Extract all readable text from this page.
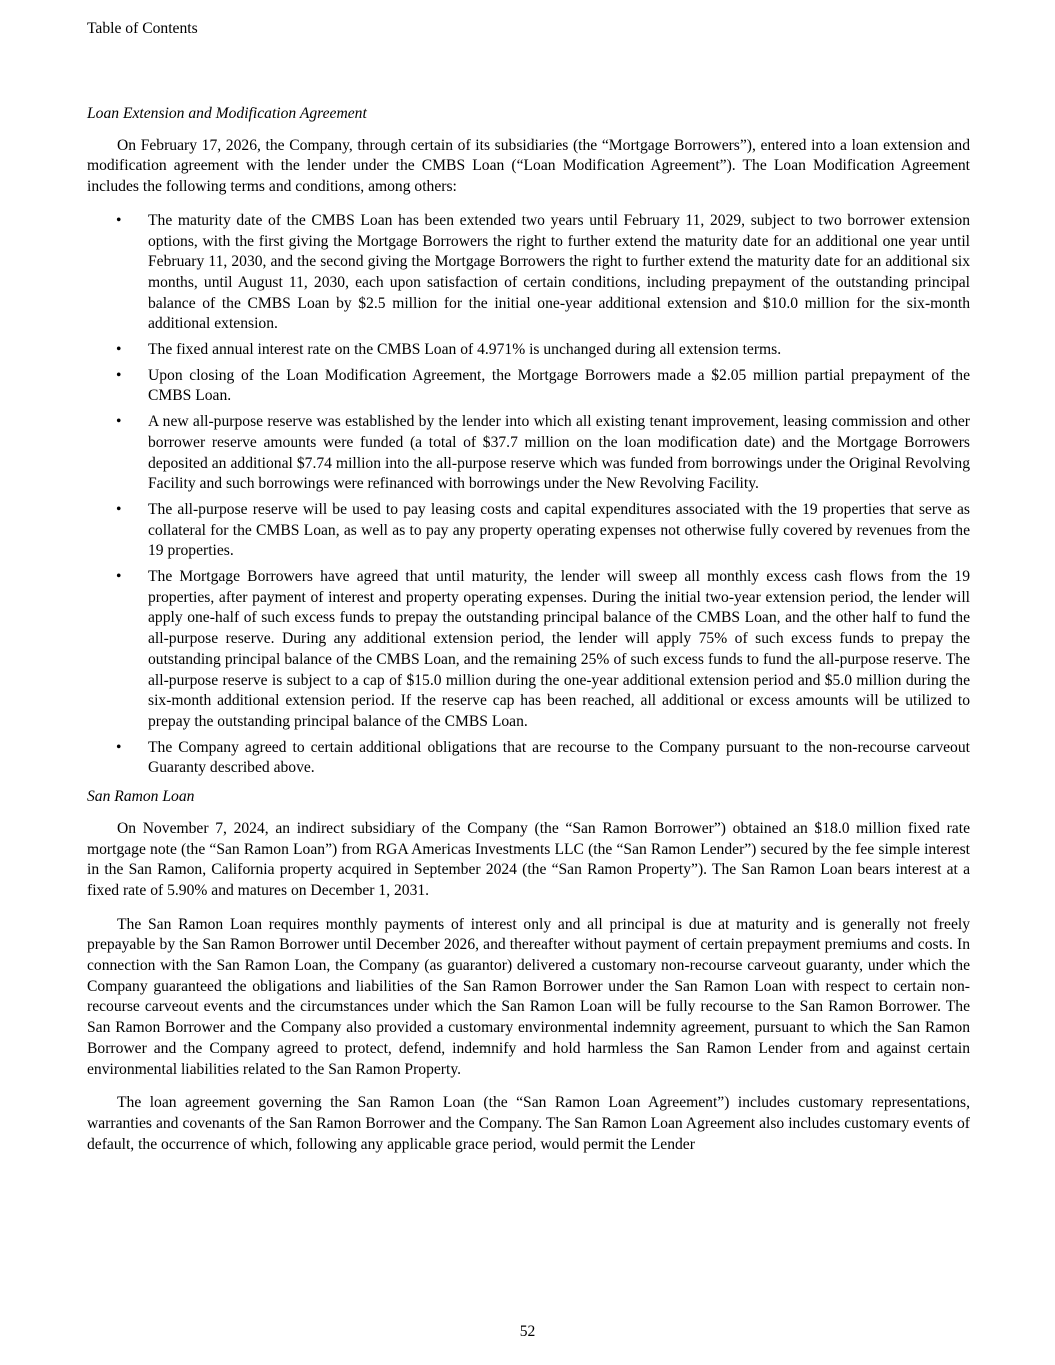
Table of Contents
Loan Extension and Modification Agreement

On February 17, 2026, the Company, through certain of its subsidiaries (the “Mortgage Borrowers”), entered into a loan extension and modification agreement with the lender under the CMBS Loan (“Loan Modification Agreement”). The Loan Modification Agreement includes the following terms and conditions, among others:

• The maturity date of the CMBS Loan has been extended two years until February 11, 2029, subject to two borrower extension options, with the first giving the Mortgage Borrowers the right to further extend the maturity date for an additional one year until February 11, 2030, and the second giving the Mortgage Borrowers the right to further extend the maturity date for an additional six months, until August 11, 2030, each upon satisfaction of certain conditions, including prepayment of the outstanding principal balance of the CMBS Loan by $2.5 million for the initial one-year additional extension and $10.0 million for the six-month additional extension.
• The fixed annual interest rate on the CMBS Loan of 4.971% is unchanged during all extension terms.
• Upon closing of the Loan Modification Agreement, the Mortgage Borrowers made a $2.05 million partial prepayment of the CMBS Loan.
• A new all-purpose reserve was established by the lender into which all existing tenant improvement, leasing commission and other borrower reserve amounts were funded (a total of $37.7 million on the loan modification date) and the Mortgage Borrowers deposited an additional $7.74 million into the all-purpose reserve which was funded from borrowings under the Original Revolving Facility and such borrowings were refinanced with borrowings under the New Revolving Facility.
• The all-purpose reserve will be used to pay leasing costs and capital expenditures associated with the 19 properties that serve as collateral for the CMBS Loan, as well as to pay any property operating expenses not otherwise fully covered by revenues from the 19 properties.
• The Mortgage Borrowers have agreed that until maturity, the lender will sweep all monthly excess cash flows from the 19 properties, after payment of interest and property operating expenses. During the initial two-year extension period, the lender will apply one-half of such excess funds to prepay the outstanding principal balance of the CMBS Loan, and the other half to fund the all-purpose reserve. During any additional extension period, the lender will apply 75% of such excess funds to prepay the outstanding principal balance of the CMBS Loan, and the remaining 25% of such excess funds to fund the all-purpose reserve. The all-purpose reserve is subject to a cap of $15.0 million during the one-year additional extension period and $5.0 million during the six-month additional extension period. If the reserve cap has been reached, all additional or excess amounts will be utilized to prepay the outstanding principal balance of the CMBS Loan.
• The Company agreed to certain additional obligations that are recourse to the Company pursuant to the non-recourse carveout Guaranty described above.
San Ramon Loan

On November 7, 2024, an indirect subsidiary of the Company (the “San Ramon Borrower”) obtained an $18.0 million fixed rate mortgage note (the “San Ramon Loan”) from RGA Americas Investments LLC (the “San Ramon Lender”) secured by the fee simple interest in the San Ramon, California property acquired in September 2024 (the “San Ramon Property”). The San Ramon Loan bears interest at a fixed rate of 5.90% and matures on December 1, 2031.

The San Ramon Loan requires monthly payments of interest only and all principal is due at maturity and is generally not freely prepayable by the San Ramon Borrower until December 2026, and thereafter without payment of certain prepayment premiums and costs. In connection with the San Ramon Loan, the Company (as guarantor) delivered a customary non-recourse carveout guaranty, under which the Company guaranteed the obligations and liabilities of the San Ramon Borrower under the San Ramon Loan with respect to certain non-recourse carveout events and the circumstances under which the San Ramon Loan will be fully recourse to the San Ramon Borrower. The San Ramon Borrower and the Company also provided a customary environmental indemnity agreement, pursuant to which the San Ramon Borrower and the Company agreed to protect, defend, indemnify and hold harmless the San Ramon Lender from and against certain environmental liabilities related to the San Ramon Property.

The loan agreement governing the San Ramon Loan (the “San Ramon Loan Agreement”) includes customary representations, warranties and covenants of the San Ramon Borrower and the Company. The San Ramon Loan Agreement also includes customary events of default, the occurrence of which, following any applicable grace period, would permit the Lender

52
